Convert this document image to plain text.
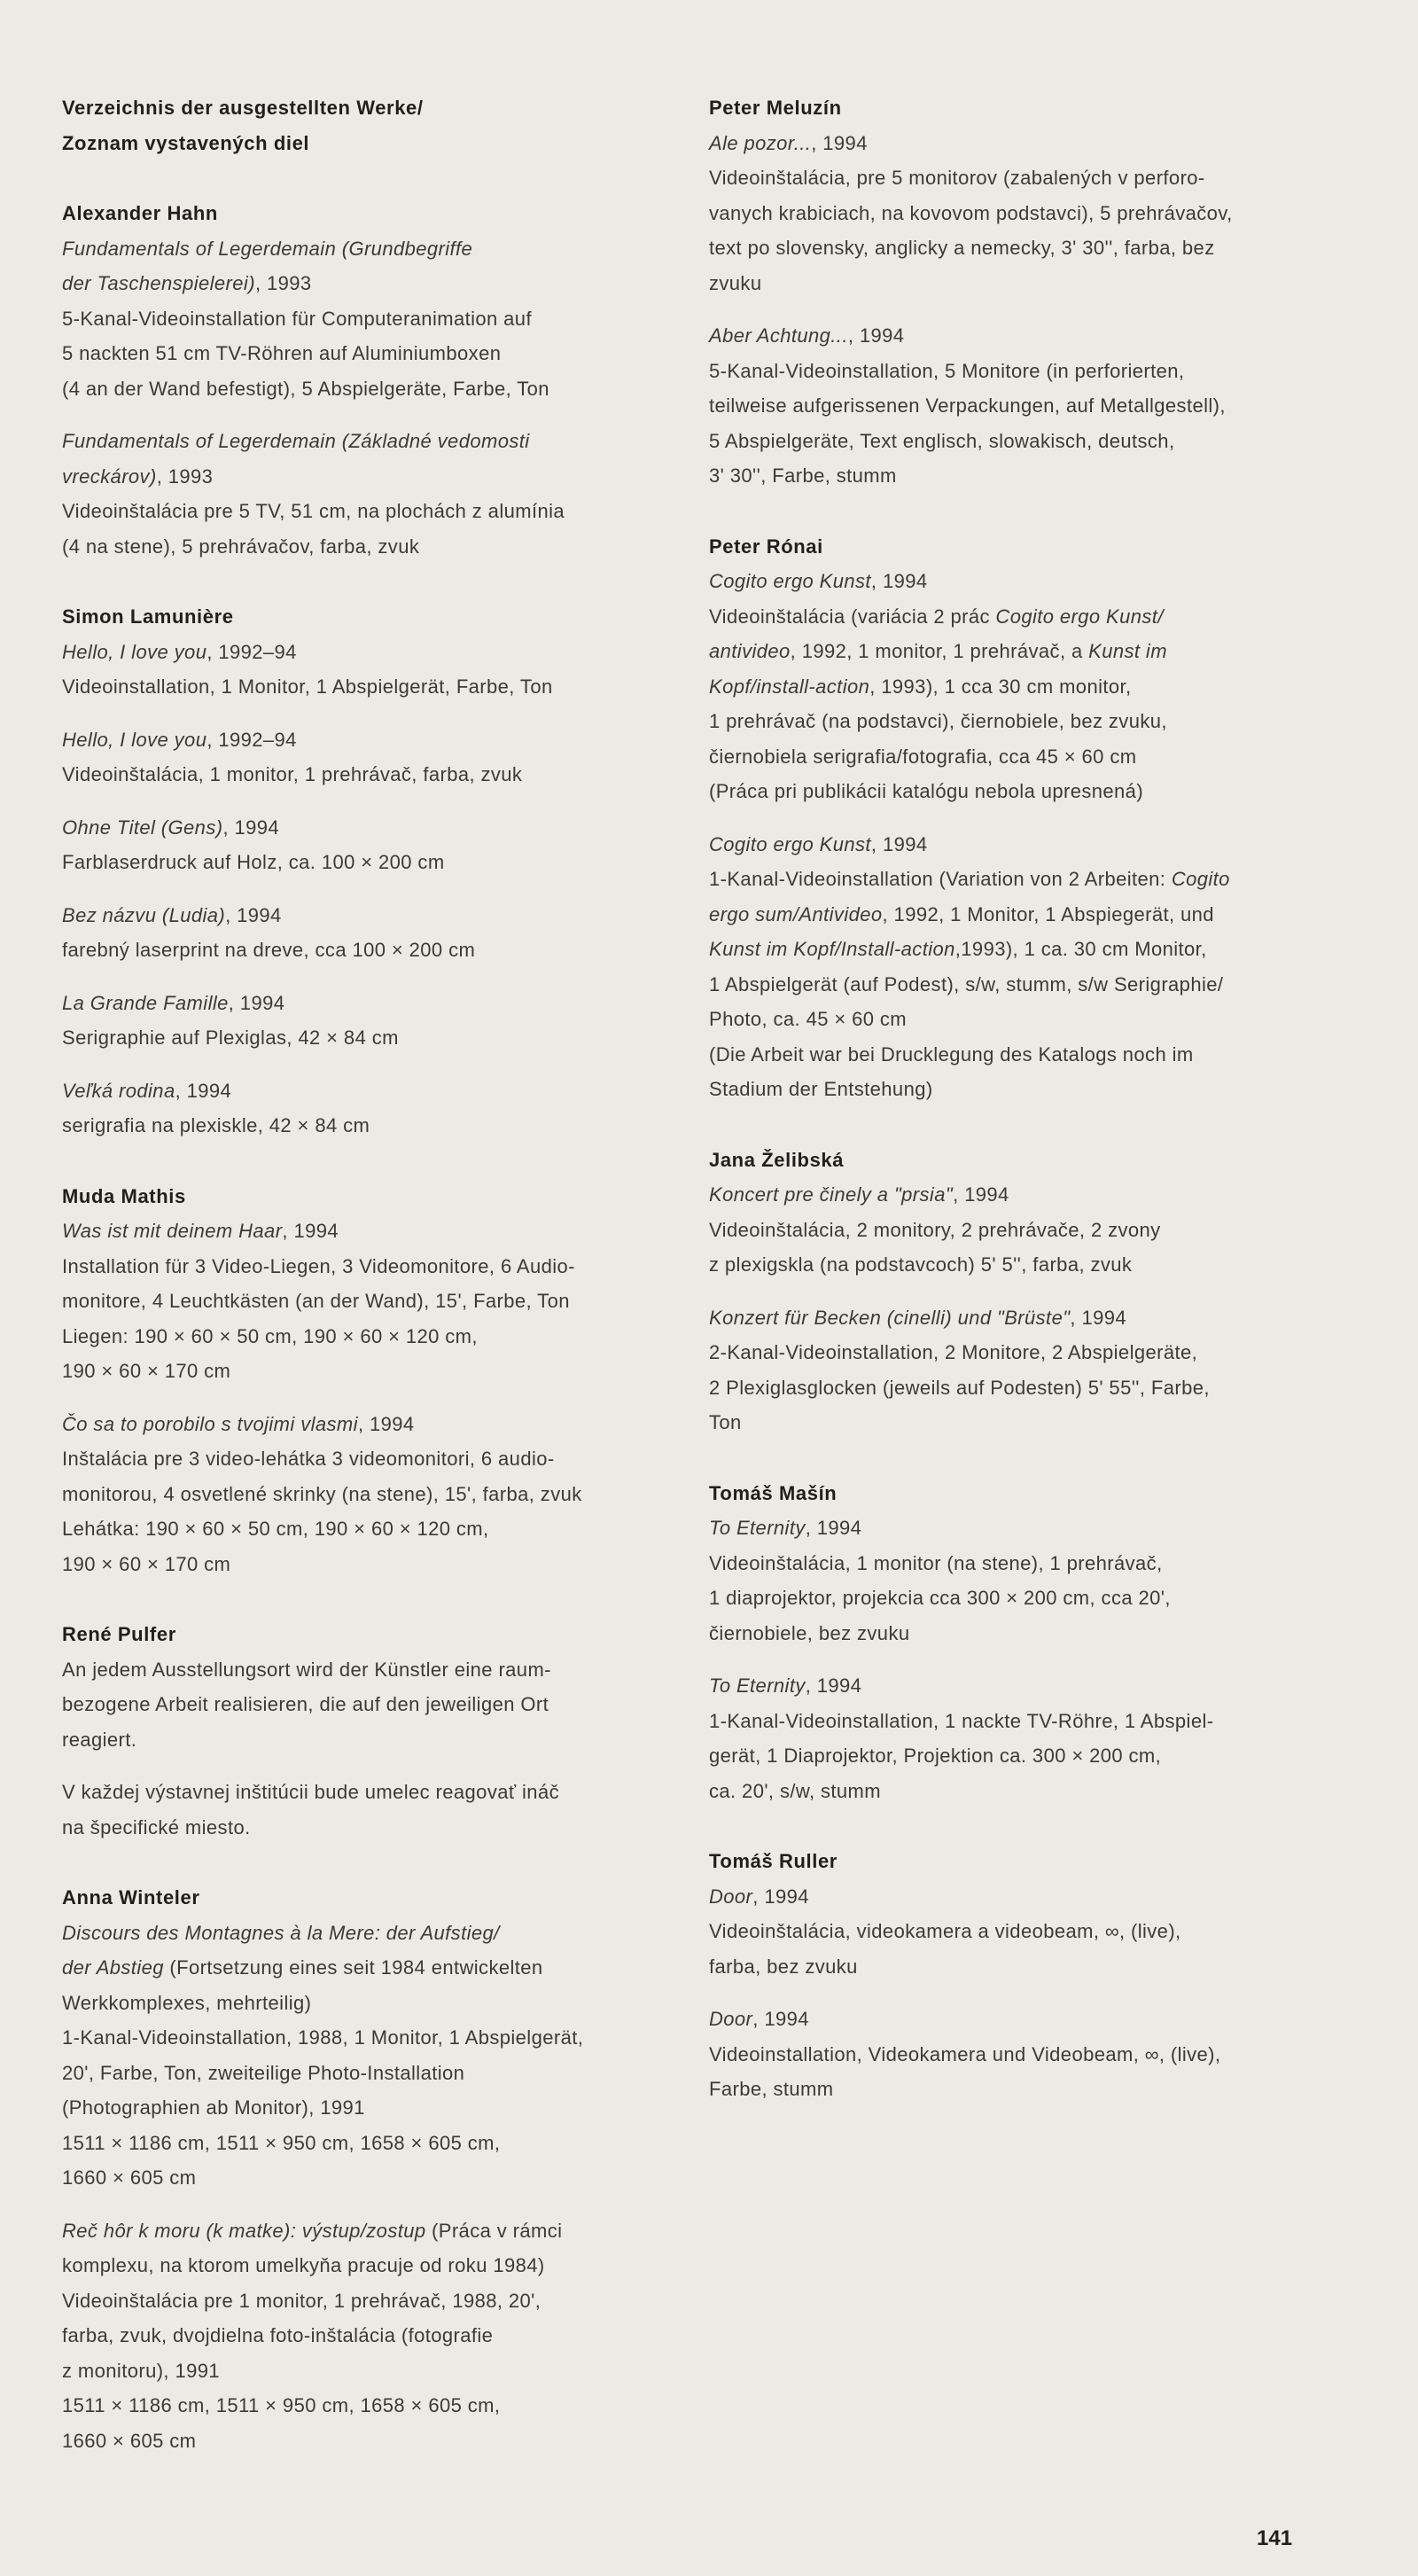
Verzeichnis der ausgestellten Werke/
Zoznam vystavených diel
Alexander Hahn
Fundamentals of Legerdemain (Grundbegriffe
der Taschenspielerei), 1993
5-Kanal-Videoinstallation für Computeranimation auf
5 nackten 51 cm TV-Röhren auf Aluminiumboxen
(4 an der Wand befestigt), 5 Abspielgeräte, Farbe, Ton
Fundamentals of Legerdemain (Základné vedomosti
vreckárov), 1993
Videoinštalácia pre 5 TV, 51 cm, na plochách z alumínia
(4 na stene), 5 prehrávačov, farba, zvuk
Simon Lamunière
Hello, I love you, 1992–94
Videoinstallation, 1 Monitor, 1 Abspielgerät, Farbe, Ton
Hello, I love you, 1992–94
Videoinštalácia, 1 monitor, 1 prehrávač, farba, zvuk
Ohne Titel (Gens), 1994
Farblaserdruck auf Holz, ca. 100 × 200 cm
Bez názvu (Ludia), 1994
farebný laserprint na dreve, cca 100 × 200 cm
La Grande Famille, 1994
Serigraphie auf Plexiglas, 42 × 84 cm
Veľká rodina, 1994
serigrafia na plexiskle, 42 × 84 cm
Muda Mathis
Was ist mit deinem Haar, 1994
Installation für 3 Video-Liegen, 3 Videomonitore, 6 Audio-
monitore, 4 Leuchtkästen (an der Wand), 15', Farbe, Ton
Liegen: 190 × 60 × 50 cm, 190 × 60 × 120 cm,
190 × 60 × 170 cm
Čo sa to porobilo s tvojimi vlasmi, 1994
Inštalácia pre 3 video-lehátka 3 videomonitori, 6 audio-
monitorou, 4 osvetlené skrinky (na stene), 15', farba, zvuk
Lehátka: 190 × 60 × 50 cm, 190 × 60 × 120 cm,
190 × 60 × 170 cm
René Pulfer
An jedem Ausstellungsort wird der Künstler eine raum-
bezogene Arbeit realisieren, die auf den jeweiligen Ort
reagiert.
V každej výstavnej inštitúcii bude umelec reagovať ináč
na špecifické miesto.
Anna Winteler
Discours des Montagnes à la Mere: der Aufstieg/
der Abstieg (Fortsetzung eines seit 1984 entwickelten
Werkkomplexes, mehrteilig)
1-Kanal-Videoinstallation, 1988, 1 Monitor, 1 Abspielgerät,
20', Farbe, Ton, zweiteilige Photo-Installation
(Photographien ab Monitor), 1991
1511 × 1186 cm, 1511 × 950 cm, 1658 × 605 cm,
1660 × 605 cm
Reč hôr k moru (k matke): výstup/zostup (Práca v rámci
komplexu, na ktorom umelkyňa pracuje od roku 1984)
Videoinštalácia pre 1 monitor, 1 prehrávač, 1988, 20',
farba, zvuk, dvojdielna foto-inštalácia (fotografie
z monitoru), 1991
1511 × 1186 cm, 1511 × 950 cm, 1658 × 605 cm,
1660 × 605 cm
Peter Meluzín
Ale pozor..., 1994
Videoinštalácia, pre 5 monitorov (zabalených v perforo-
vanych krabiciach, na kovovom podstavci), 5 prehrávačov,
text po slovensky, anglicky a nemecky, 3' 30'', farba, bez
zvuku
Aber Achtung..., 1994
5-Kanal-Videoinstallation, 5 Monitore (in perforierten,
teilweise aufgerissenen Verpackungen, auf Metallgestell),
5 Abspielgeräte, Text englisch, slowakisch, deutsch,
3' 30'', Farbe, stumm
Peter Rónai
Cogito ergo Kunst, 1994
Videoinštalácia (variácia 2 prác Cogito ergo Kunst/
antivideo, 1992, 1 monitor, 1 prehrávač, a Kunst im
Kopf/install-action, 1993), 1 cca 30 cm monitor,
1 prehrávač (na podstavci), čiernobiele, bez zvuku,
čiernobiela serigrafia/fotografia, cca 45 × 60 cm
(Práca pri publikácii katalógu nebola upresnená)
Cogito ergo Kunst, 1994
1-Kanal-Videoinstallation (Variation von 2 Arbeiten: Cogito
ergo sum/Antivideo, 1992, 1 Monitor, 1 Abspiegerät, und
Kunst im Kopf/Install-action,1993), 1 ca. 30 cm Monitor,
1 Abspielgerät (auf Podest), s/w, stumm, s/w Serigraphie/
Photo, ca. 45 × 60 cm
(Die Arbeit war bei Drucklegung des Katalogs noch im
Stadium der Entstehung)
Jana Želibská
Koncert pre činely a "prsia", 1994
Videoinštalácia, 2 monitory, 2 prehrávače, 2 zvony
z plexigskla (na podstavcoch) 5' 5'', farba, zvuk
Konzert für Becken (cinelli) und "Brüste", 1994
2-Kanal-Videoinstallation, 2 Monitore, 2 Abspielgeräte,
2 Plexiglasglocken (jeweils auf Podesten) 5' 55'', Farbe,
Ton
Tomáš Mašín
To Eternity, 1994
Videoinštalácia, 1 monitor (na stene), 1 prehrávač,
1 diaprojektor, projekcia cca 300 × 200 cm, cca 20',
čiernobiele, bez zvuku
To Eternity, 1994
1-Kanal-Videoinstallation, 1 nackte TV-Röhre, 1 Abspiel-
gerät, 1 Diaprojektor, Projektion ca. 300 × 200 cm,
ca. 20', s/w, stumm
Tomáš Ruller
Door, 1994
Videoinštalácia, videokamera a videobeam, ∞, (live),
farba, bez zvuku
Door, 1994
Videoinstallation, Videokamera und Videobeam, ∞, (live),
Farbe, stumm
141
